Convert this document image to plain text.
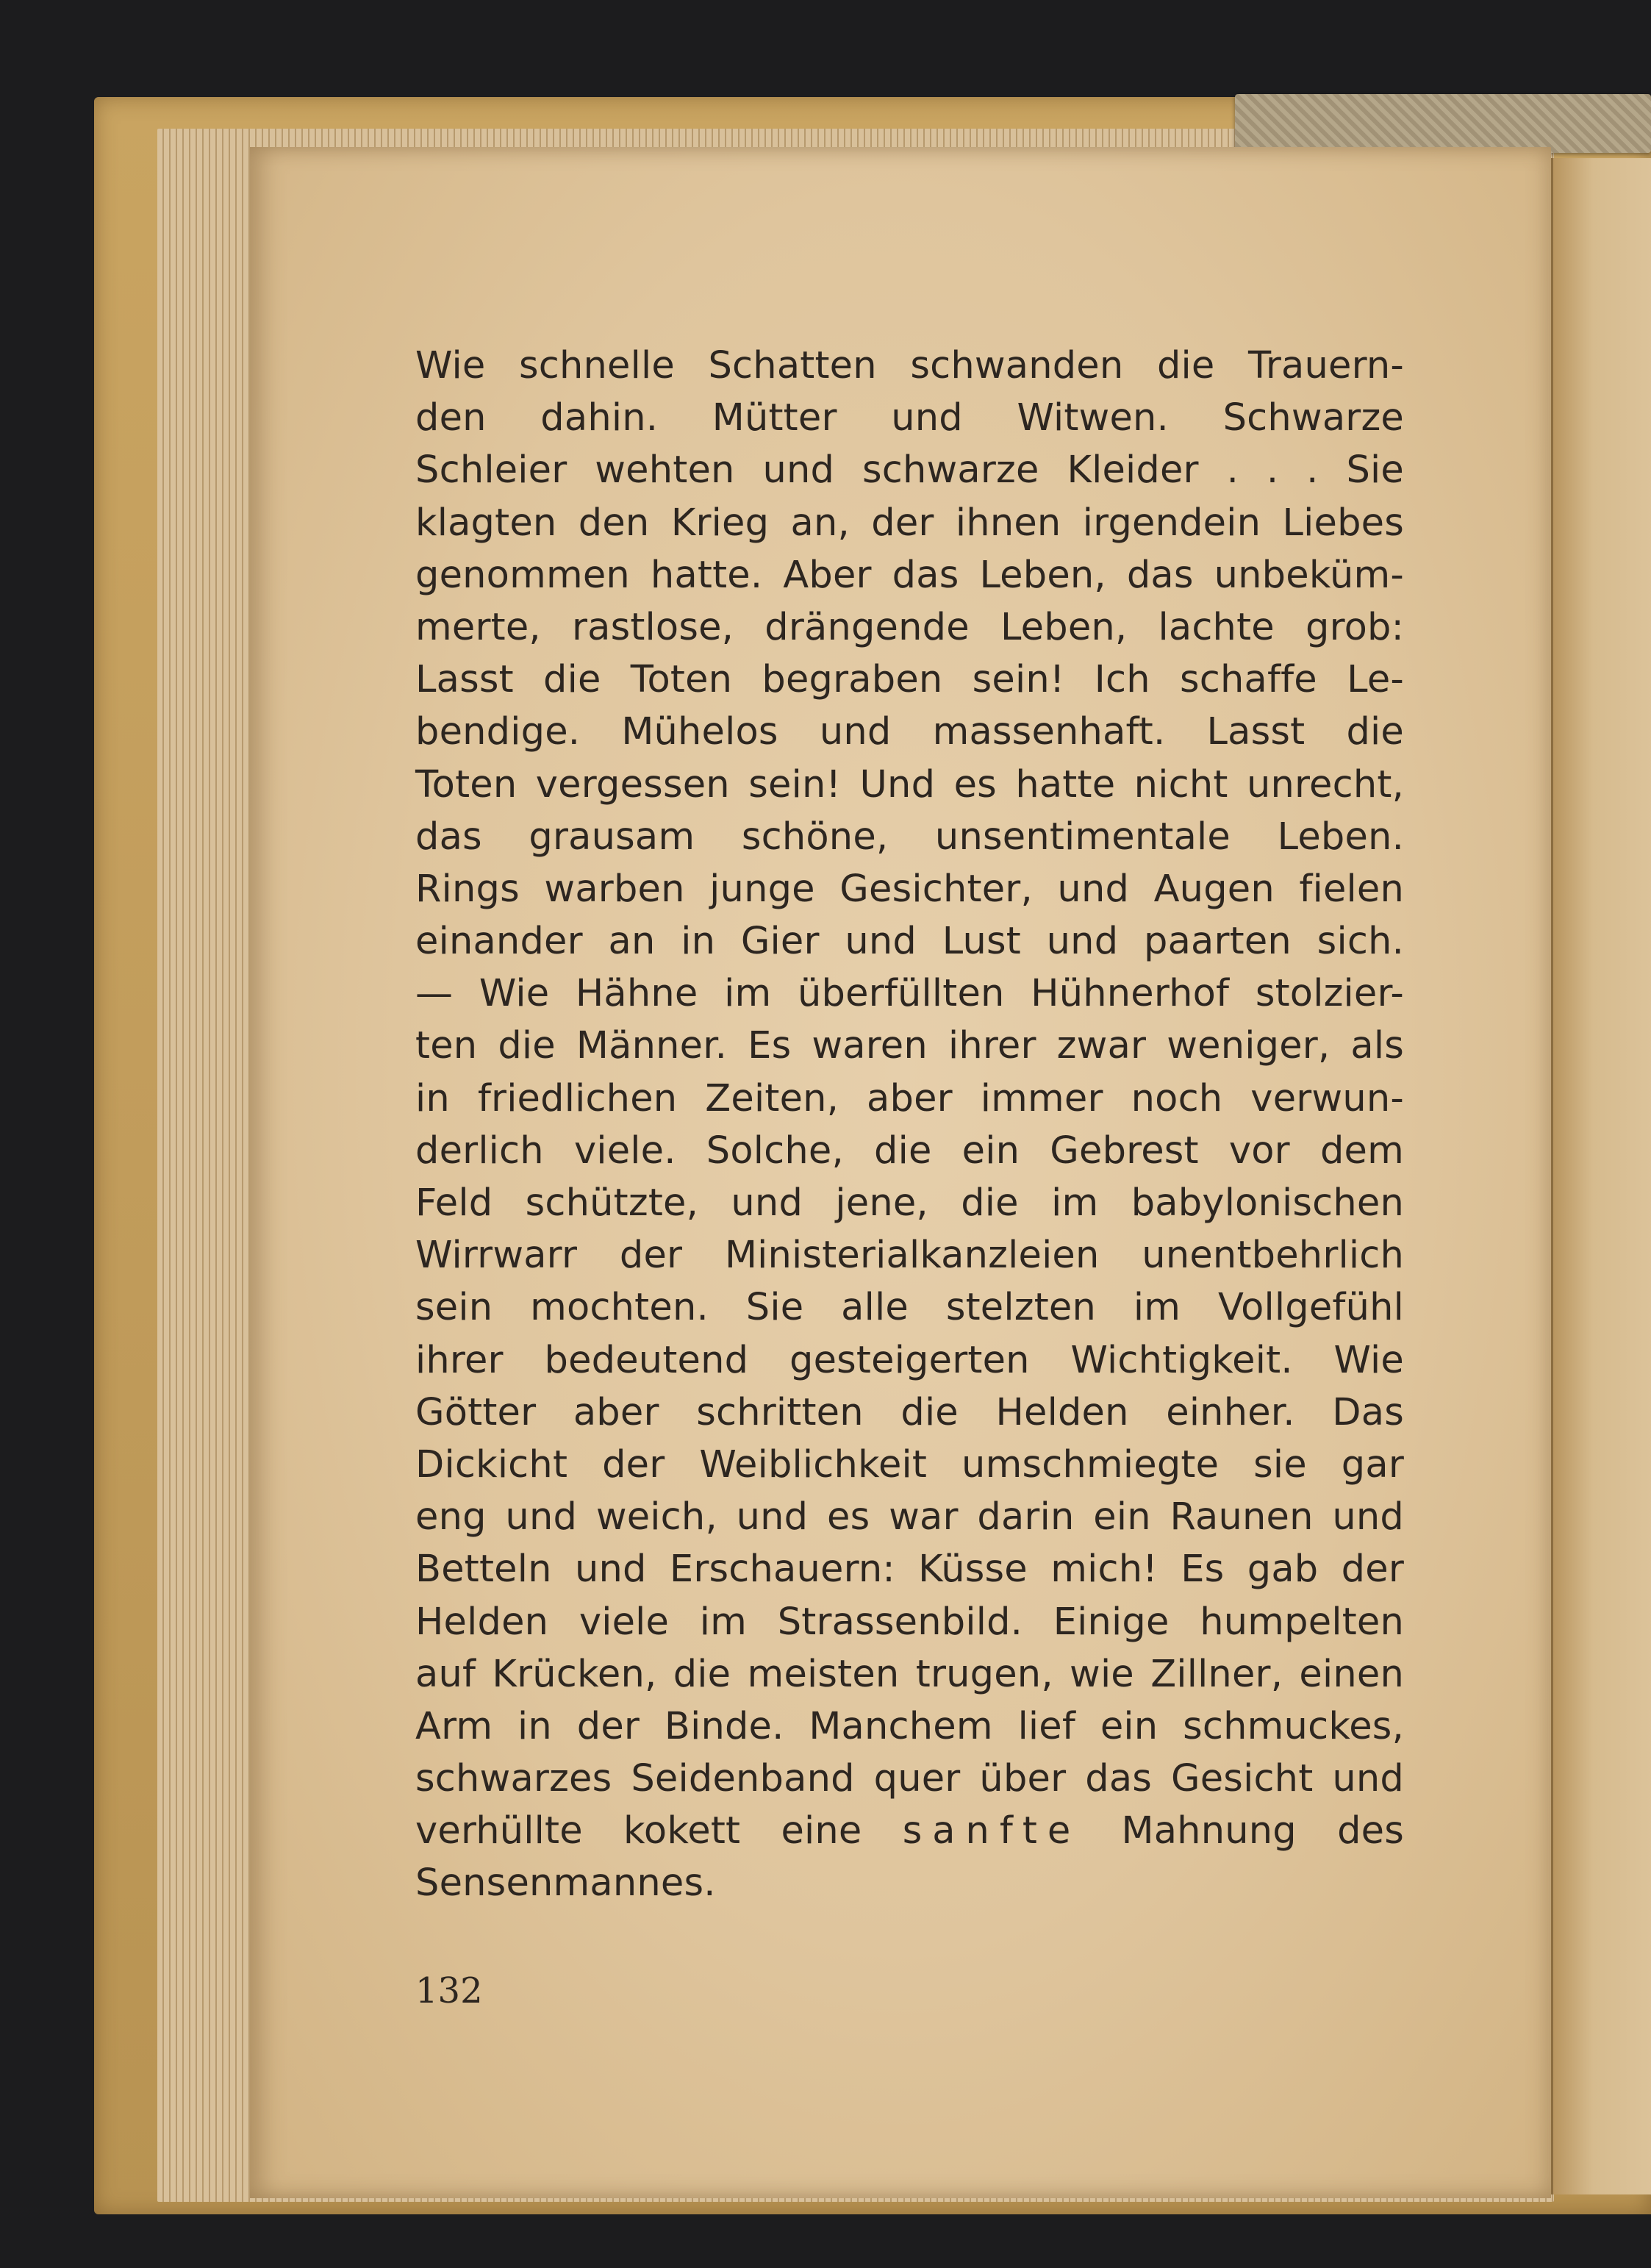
Wie schnelle Schatten schwanden die Trauern-
den dahin. Mütter und Witwen. Schwarze
Schleier wehten und schwarze Kleider . . . Sie
klagten den Krieg an, der ihnen irgendein Liebes
genommen hatte. Aber das Leben, das unbeküm-
merte, rastlose, drängende Leben, lachte grob:
Lasst die Toten begraben sein! Ich schaffe Le-
bendige. Mühelos und massenhaft. Lasst die
Toten vergessen sein! Und es hatte nicht unrecht,
das grausam schöne, unsentimentale Leben.
Rings warben junge Gesichter, und Augen fielen
einander an in Gier und Lust und paarten sich.
— Wie Hähne im überfüllten Hühnerhof stolzier-
ten die Männer. Es waren ihrer zwar weniger, als
in friedlichen Zeiten, aber immer noch verwun-
derlich viele. Solche, die ein Gebrest vor dem
Feld schützte, und jene, die im babylonischen
Wirrwarr der Ministerialkanzleien unentbehrlich
sein mochten. Sie alle stelzten im Vollgefühl
ihrer bedeutend gesteigerten Wichtigkeit. Wie
Götter aber schritten die Helden einher. Das
Dickicht der Weiblichkeit umschmiegte sie gar
eng und weich, und es war darin ein Raunen und
Betteln und Erschauern: Küsse mich! Es gab der
Helden viele im Strassenbild. Einige humpelten
auf Krücken, die meisten trugen, wie Zillner, einen
Arm in der Binde. Manchem lief ein schmuckes,
schwarzes Seidenband quer über das Gesicht und
verhüllte kokett eine sanfte Mahnung des
Sensenmannes.
132
